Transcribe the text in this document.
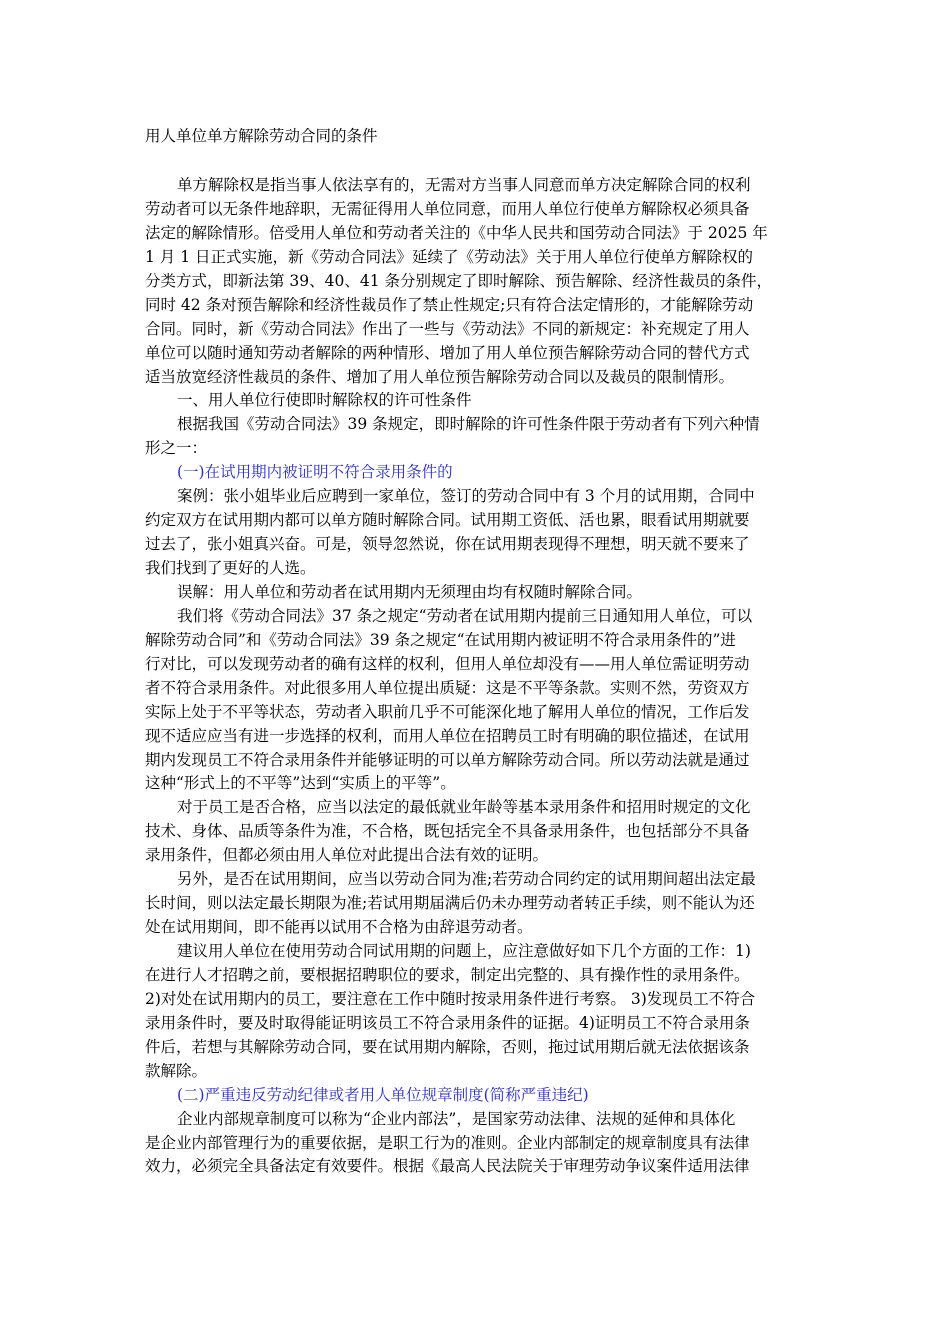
用人单位单方解除劳动合同的条件
单方解除权是指当事人依法享有的，无需对方当事人同意而单方决定解除合同的权利
劳动者可以无条件地辞职，无需征得用人单位同意，而用人单位行使单方解除权必须具备
法定的解除情形。倍受用人单位和劳动者关注的《中华人民共和国劳动合同法》于 2025 年
1 月 1 日正式实施，新《劳动合同法》延续了《劳动法》关于用人单位行使单方解除权的
分类方式，即新法第 39、40、41 条分别规定了即时解除、预告解除、经济性裁员的条件，
同时 42 条对预告解除和经济性裁员作了禁止性规定;只有符合法定情形的，才能解除劳动
合同。同时，新《劳动合同法》作出了一些与《劳动法》不同的新规定：补充规定了用人
单位可以随时通知劳动者解除的两种情形、增加了用人单位预告解除劳动合同的替代方式
适当放宽经济性裁员的条件、增加了用人单位预告解除劳动合同以及裁员的限制情形。
一、用人单位行使即时解除权的许可性条件
根据我国《劳动合同法》39 条规定，即时解除的许可性条件限于劳动者有下列六种情
形之一：
(一)在试用期内被证明不符合录用条件的
案例：张小姐毕业后应聘到一家单位，签订的劳动合同中有 3 个月的试用期，合同中
约定双方在试用期内都可以单方随时解除合同。试用期工资低、活也累，眼看试用期就要
过去了，张小姐真兴奋。可是，领导忽然说，你在试用期表现得不理想，明天就不要来了
我们找到了更好的人选。
误解：用人单位和劳动者在试用期内无须理由均有权随时解除合同。
我们将《劳动合同法》37 条之规定“劳动者在试用期内提前三日通知用人单位，可以
解除劳动合同”和《劳动合同法》39 条之规定“在试用期内被证明不符合录用条件的”进
行对比，可以发现劳动者的确有这样的权利，但用人单位却没有——用人单位需证明劳动
者不符合录用条件。对此很多用人单位提出质疑：这是不平等条款。实则不然，劳资双方
实际上处于不平等状态，劳动者入职前几乎不可能深化地了解用人单位的情况，工作后发
现不适应应当有进一步选择的权利，而用人单位在招聘员工时有明确的职位描述，在试用
期内发现员工不符合录用条件并能够证明的可以单方解除劳动合同。所以劳动法就是通过
这种“形式上的不平等”达到“实质上的平等”。
对于员工是否合格，应当以法定的最低就业年龄等基本录用条件和招用时规定的文化
技术、身体、品质等条件为准，不合格，既包括完全不具备录用条件，也包括部分不具备
录用条件，但都必须由用人单位对此提出合法有效的证明。
另外，是否在试用期间，应当以劳动合同为准;若劳动合同约定的试用期间超出法定最
长时间，则以法定最长期限为准;若试用期届满后仍未办理劳动者转正手续，则不能认为还
处在试用期间，即不能再以试用不合格为由辞退劳动者。
建议用人单位在使用劳动合同试用期的问题上，应注意做好如下几个方面的工作：1)
在进行人才招聘之前，要根据招聘职位的要求，制定出完整的、具有操作性的录用条件。
2)对处在试用期内的员工，要注意在工作中随时按录用条件进行考察。 3)发现员工不符合
录用条件时，要及时取得能证明该员工不符合录用条件的证据。4)证明员工不符合录用条
件后，若想与其解除劳动合同，要在试用期内解除，否则，拖过试用期后就无法依据该条
款解除。
(二)严重违反劳动纪律或者用人单位规章制度(简称严重违纪)
企业内部规章制度可以称为“企业内部法”，是国家劳动法律、法规的延伸和具体化
是企业内部管理行为的重要依据，是职工行为的准则。企业内部制定的规章制度具有法律
效力，必须完全具备法定有效要件。根据《最高人民法院关于审理劳动争议案件适用法律
